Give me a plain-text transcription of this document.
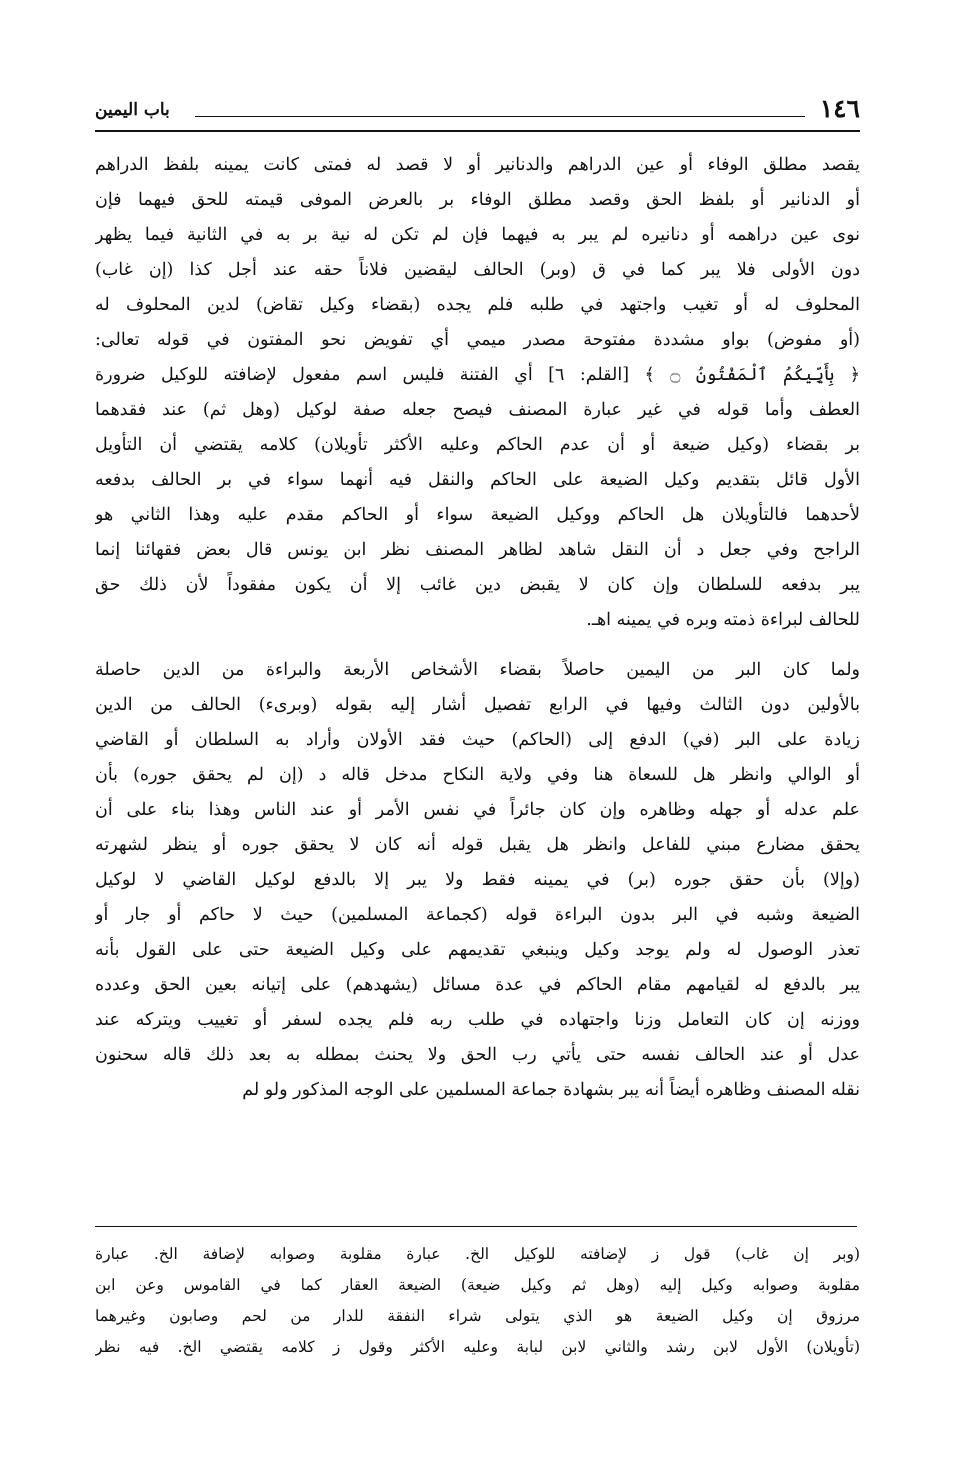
١٤٦
باب اليمين
يقصد مطلق الوفاء أو عين الدراهم والدنانير أو لا قصد له فمتى كانت يمينه بلفظ الدراهم
أو الدنانير أو بلفظ الحق وقصد مطلق الوفاء بر بالعرض الموفى قيمته للحق فيهما فإن
نوى عين دراهمه أو دنانيره لم يبر به فيهما فإن لم تكن له نية بر به في الثانية فيما يظهر
دون الأولى فلا يبر كما في ق (وبر) الحالف ليقضين فلاناً حقه عند أجل كذا (إن غاب)
المحلوف له أو تغيب واجتهد في طلبه فلم يجده (بقضاء وكيل تقاض) لدين المحلوف له
(أو مفوض) بواو مشددة مفتوحة مصدر ميمي أي تفويض نحو المفتون في قوله تعالى:
﴿ بِأَيِّيكُمُ ٱلْمَفْتُونُ ۝ ﴾ [القلم: ٦] أي الفتنة فليس اسم مفعول لإضافته للوكيل ضرورة
العطف وأما قوله في غير عبارة المصنف فيصح جعله صفة لوكيل (وهل ثم) عند فقدهما
بر بقضاء (وكيل ضيعة أو أن عدم الحاكم وعليه الأكثر تأويلان) كلامه يقتضي أن التأويل
الأول قائل بتقديم وكيل الضيعة على الحاكم والنقل فيه أنهما سواء في بر الحالف بدفعه
لأحدهما فالتأويلان هل الحاكم ووكيل الضيعة سواء أو الحاكم مقدم عليه وهذا الثاني هو
الراجح وفي جعل د أن النقل شاهد لظاهر المصنف نظر ابن يونس قال بعض فقهائنا إنما
يبر بدفعه للسلطان وإن كان لا يقبض دين غائب إلا أن يكون مفقوداً لأن ذلك حق
للحالف لبراءة ذمته وبره في يمينه اهـ.
ولما كان البر من اليمين حاصلاً بقضاء الأشخاص الأربعة والبراءة من الدين حاصلة
بالأولين دون الثالث وفيها في الرابع تفصيل أشار إليه بقوله (وبرىء) الحالف من الدين
زيادة على البر (في) الدفع إلى (الحاكم) حيث فقد الأولان وأراد به السلطان أو القاضي
أو الوالي وانظر هل للسعاة هنا وفي ولاية النكاح مدخل قاله د (إن لم يحقق جوره) بأن
علم عدله أو جهله وظاهره وإن كان جائراً في نفس الأمر أو عند الناس وهذا بناء على أن
يحقق مضارع مبني للفاعل وانظر هل يقبل قوله أنه كان لا يحقق جوره أو ينظر لشهرته
(وإلا) بأن حقق جوره (بر) في يمينه فقط ولا يبر إلا بالدفع لوكيل القاضي لا لوكيل
الضيعة وشبه في البر بدون البراءة قوله (كجماعة المسلمين) حيث لا حاكم أو جار أو
تعذر الوصول له ولم يوجد وكيل وينبغي تقديمهم على وكيل الضيعة حتى على القول بأنه
يبر بالدفع له لقيامهم مقام الحاكم في عدة مسائل (يشهدهم) على إتيانه بعين الحق وعدده
ووزنه إن كان التعامل وزنا واجتهاده في طلب ربه فلم يجده لسفر أو تغييب ويتركه عند
عدل أو عند الحالف نفسه حتى يأتي رب الحق ولا يحنث بمطله به بعد ذلك قاله سحنون
نقله المصنف وظاهره أيضاً أنه يبر بشهادة جماعة المسلمين على الوجه المذكور ولو لم
(وبر إن غاب) قول ز لإضافته للوكيل الخ. عبارة مقلوبة وصوابه لإضافة الخ. عبارة
مقلوبة وصوابه وكيل إليه (وهل ثم وكيل ضيعة) الضيعة العقار كما في القاموس وعن ابن
مرزوق إن وكيل الضيعة هو الذي يتولى شراء النفقة للدار من لحم وصابون وغيرهما
(تأويلان) الأول لابن رشد والثاني لابن لبابة وعليه الأكثر وقول ز كلامه يقتضي الخ. فيه نظر
